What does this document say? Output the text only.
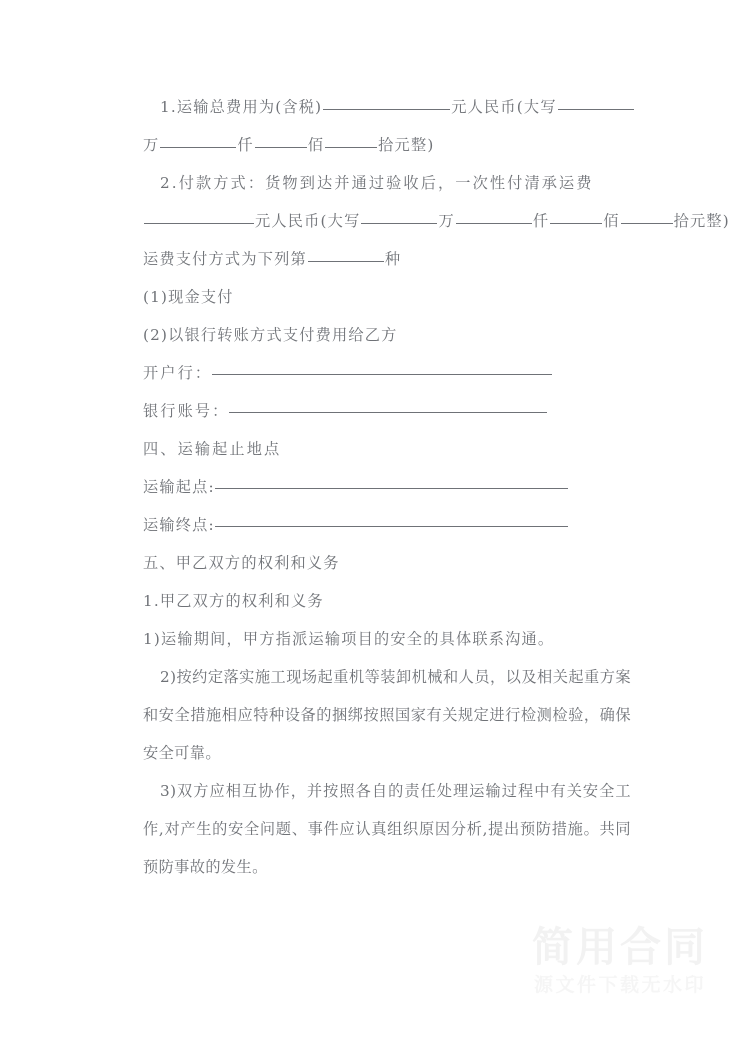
1.运输总费用为(含税)	元人民币(大写
万	仟	佰	拾元整)
2.付款方式：货物到达并通过验收后，一次性付清承运费
元人民币(大写	万	仟	佰	拾元整)
运费支付方式为下列第	种
(1)现金支付
(2)以银行转账方式支付费用给乙方
开户行：
银行账号：
四、运输起止地点
运输起点:
运输终点:
五、甲乙双方的权利和义务
1.甲乙双方的权利和义务
1)运输期间，甲方指派运输项目的安全的具体联系沟通。
2)按约定落实施工现场起重机等装卸机械和人员，以及相关起重方案和安全措施相应特种设备的捆绑按照国家有关规定进行检测检验，确保安全可靠。
3)双方应相互协作，并按照各自的责任处理运输过程中有关安全工作,对产生的安全问题、事件应认真组织原因分析,提出预防措施。共同预防事故的发生。
简用合同
源文件下载无水印
